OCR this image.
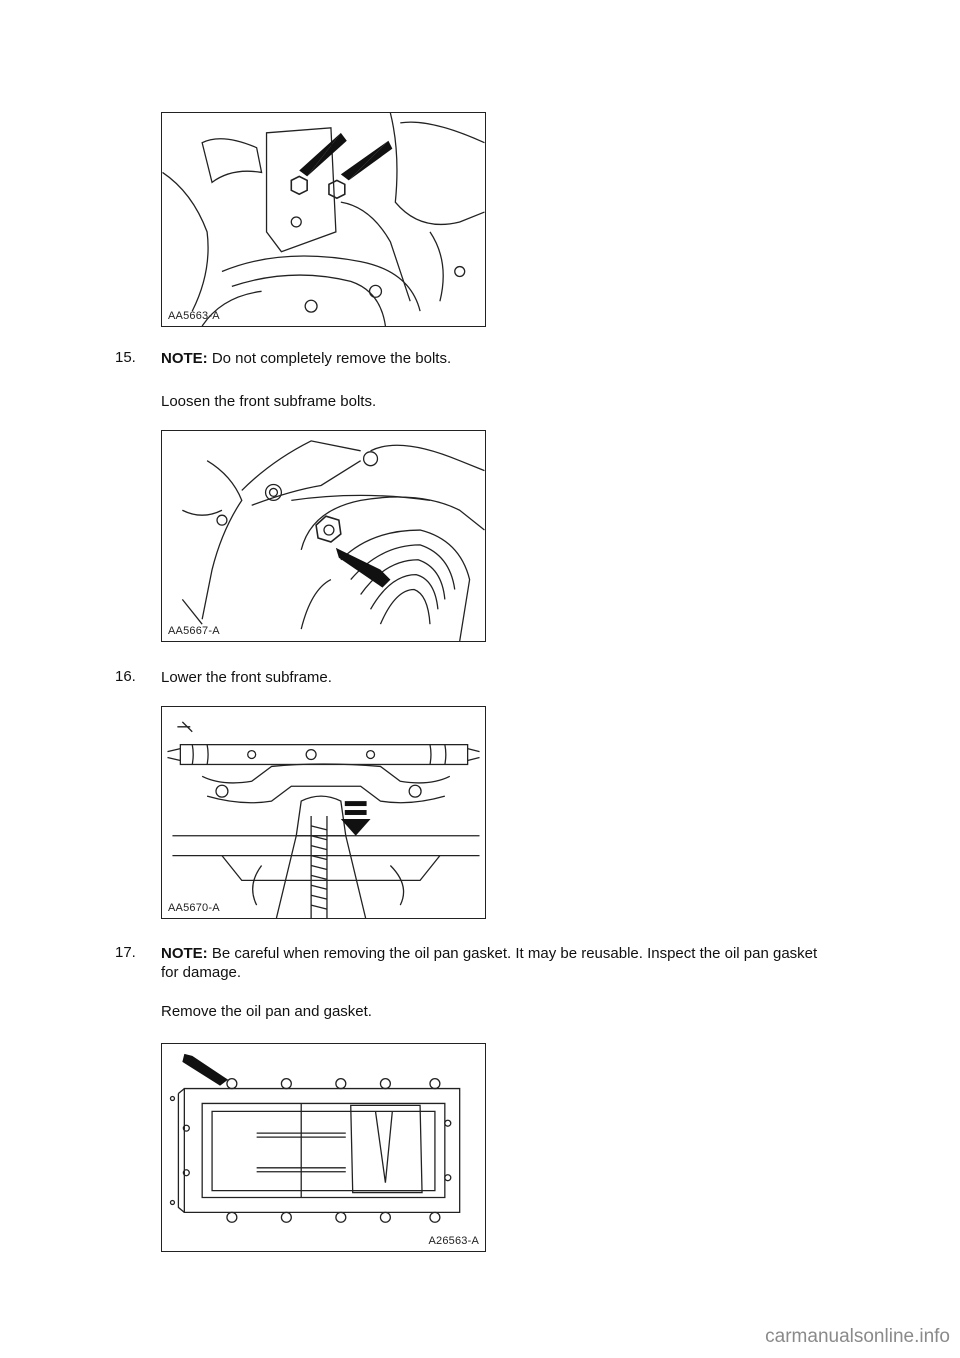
AA5663-A
15. NOTE: Do not completely remove the bolts.
Loosen the front subframe bolts.
AA5667-A
16. Lower the front subframe.
AA5670-A
17. NOTE: Be careful when removing the oil pan gasket. It may be reusable. Inspect the oil pan gasket for damage.
Remove the oil pan and gasket.
A26563-A
carmanualsonline.info
